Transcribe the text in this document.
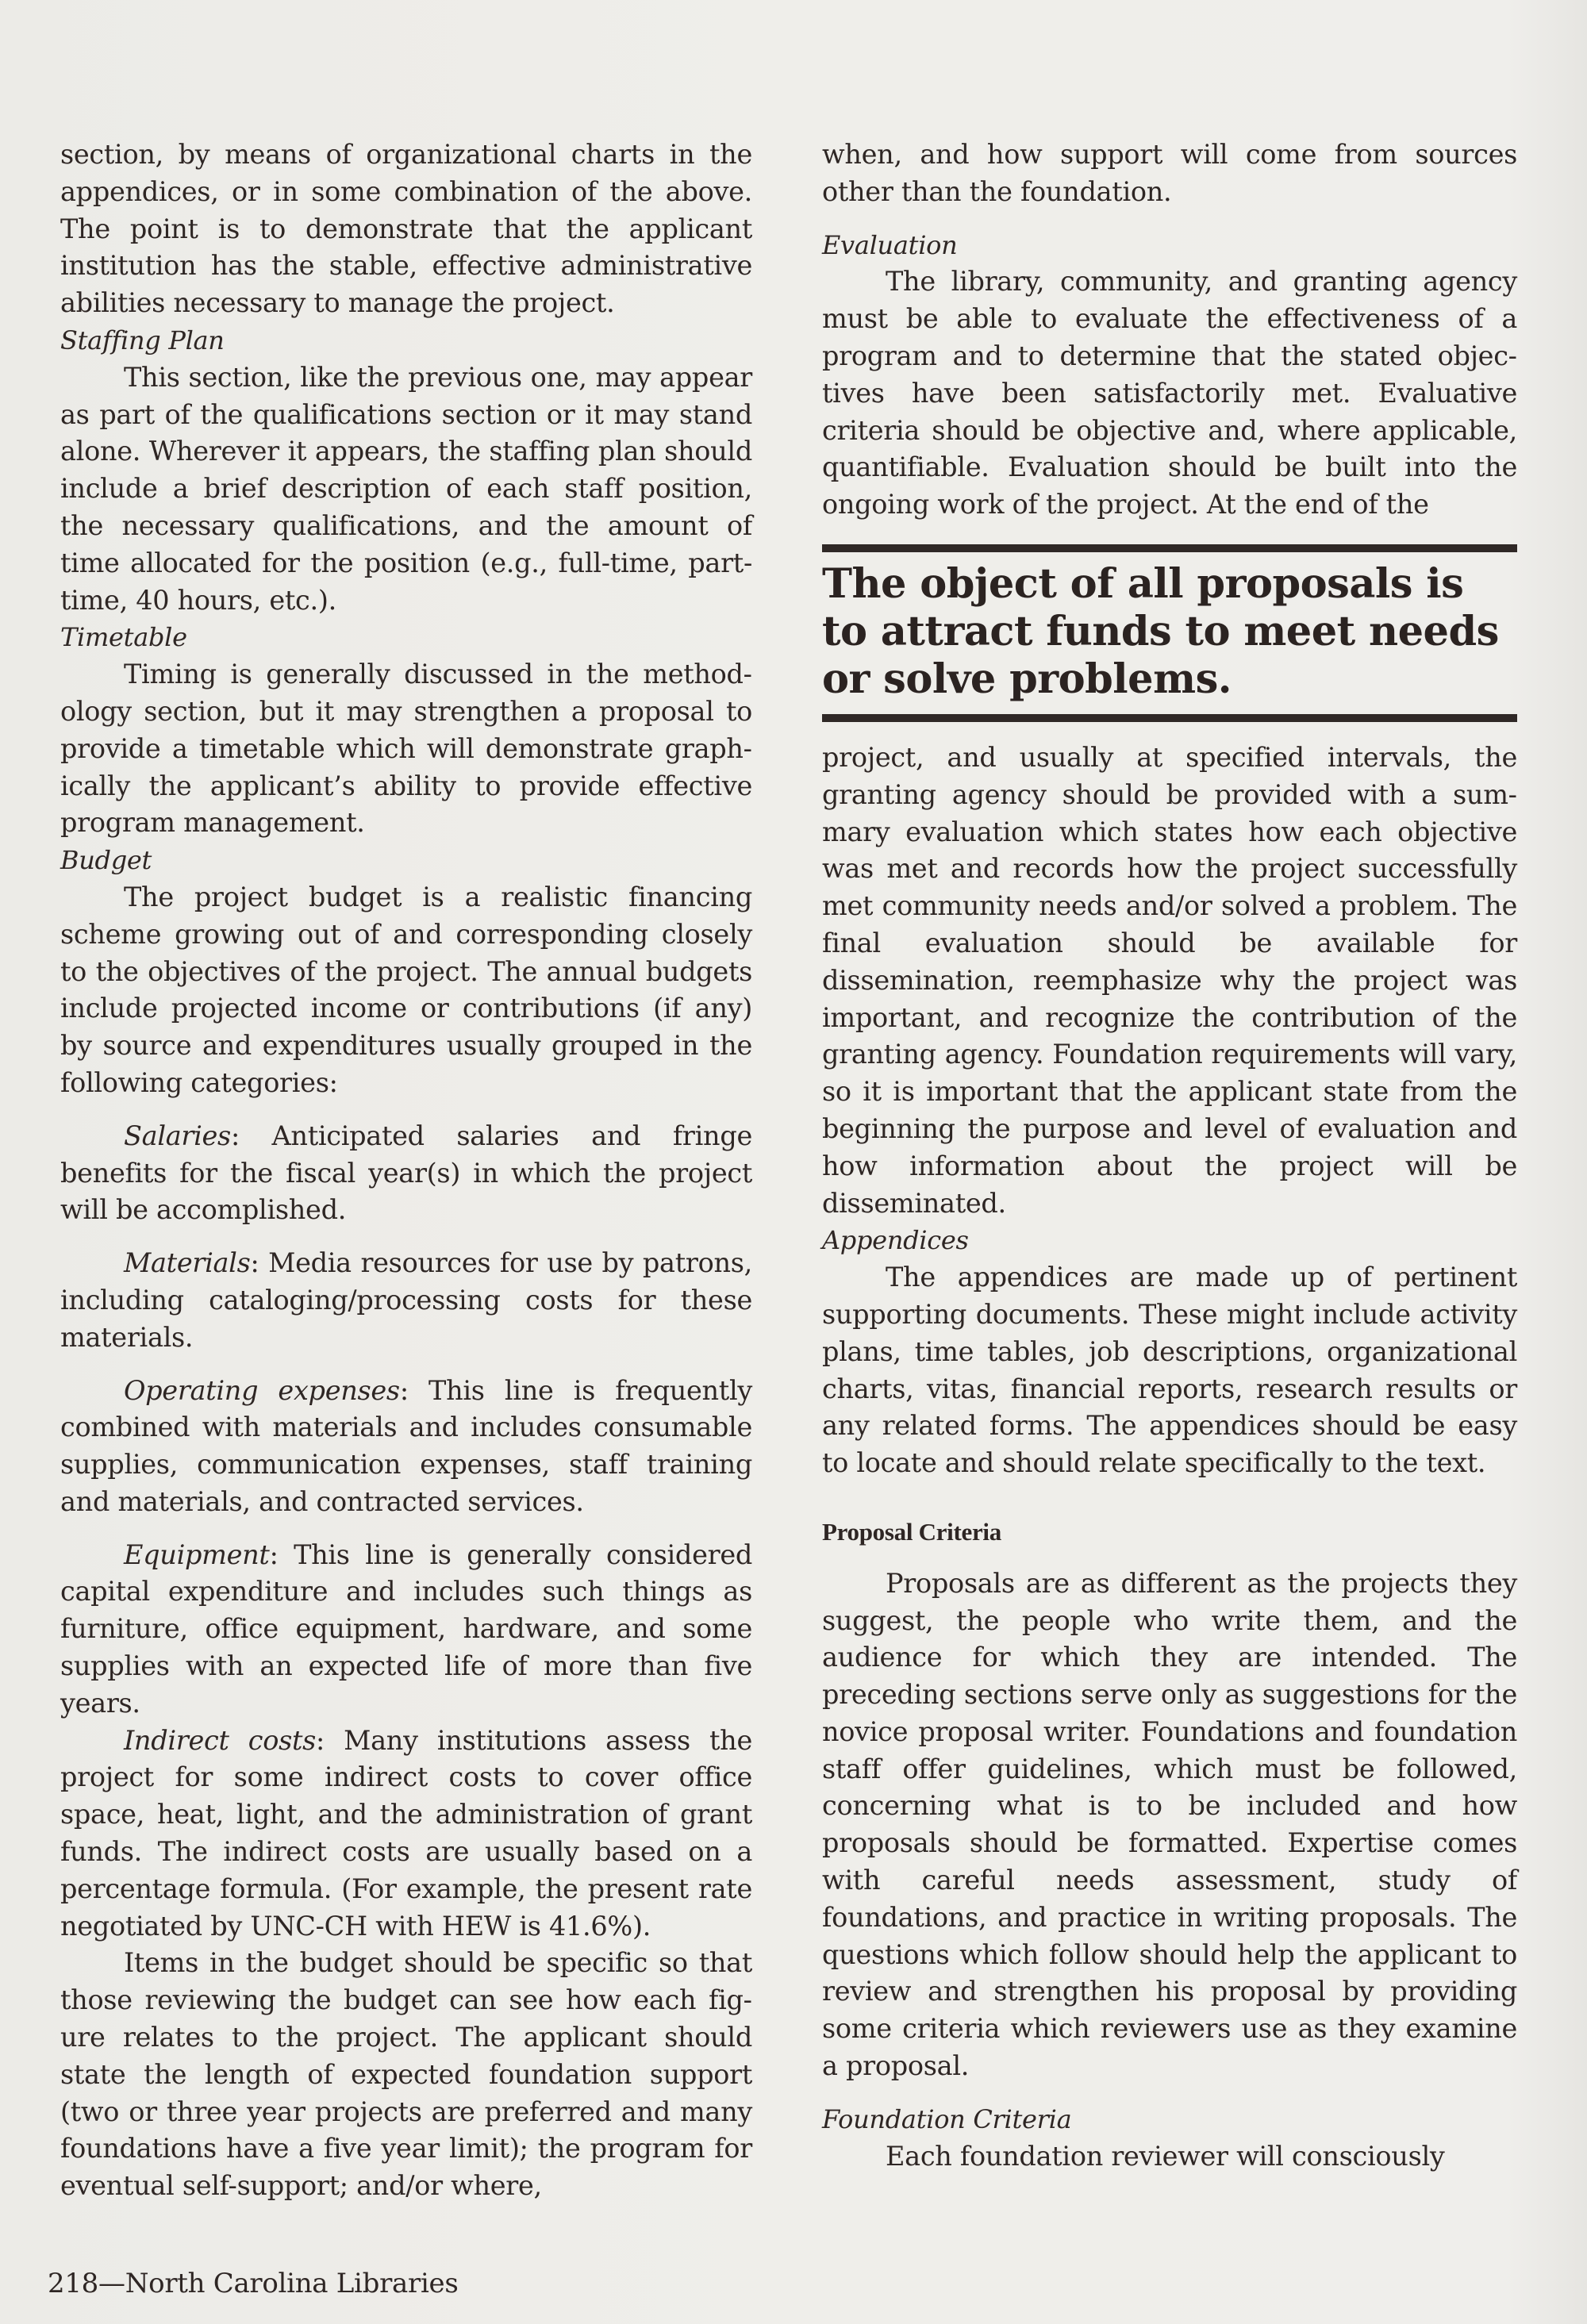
section, by means of organizational charts in the appendices, or in some combination of the above. The point is to demonstrate that the applicant institution has the stable, effective administrative abilities necessary to manage the project.

Staffing Plan

This section, like the previous one, may appear as part of the qualifications section or it may stand alone. Wherever it appears, the staffing plan should include a brief description of each staff position, the necessary qualifications, and the amount of time allocated for the position (e.g., full-time, part-time, 40 hours, etc.).

Timetable

Timing is generally discussed in the methodology section, but it may strengthen a proposal to provide a timetable which will demonstrate graphically the applicant’s ability to provide effective program management.

Budget

The project budget is a realistic financing scheme growing out of and corresponding closely to the objectives of the project. The annual budgets include projected income or contributions (if any) by source and expenditures usually grouped in the following categories:

Salaries: Anticipated salaries and fringe benefits for the fiscal year(s) in which the project will be accomplished.

Materials: Media resources for use by patrons, including cataloging/processing costs for these materials.

Operating expenses: This line is frequently combined with materials and includes consumable supplies, communication expenses, staff training and materials, and contracted services.

Equipment: This line is generally considered capital expenditure and includes such things as furniture, office equipment, hardware, and some supplies with an expected life of more than five years.

Indirect costs: Many institutions assess the project for some indirect costs to cover office space, heat, light, and the administration of grant funds. The indirect costs are usually based on a percentage formula. (For example, the present rate negotiated by UNC-CH with HEW is 41.6%).

Items in the budget should be specific so that those reviewing the budget can see how each figure relates to the project. The applicant should state the length of expected foundation support (two or three year projects are preferred and many foundations have a five year limit); the program for eventual self-support; and/or where,

when, and how support will come from sources other than the foundation.

Evaluation

The library, community, and granting agency must be able to evaluate the effectiveness of a program and to determine that the stated objectives have been satisfactorily met. Evaluative criteria should be objective and, where applicable, quantifiable. Evaluation should be built into the ongoing work of the project. At the end of the

The object of all proposals is to attract funds to meet needs or solve problems.

project, and usually at specified intervals, the granting agency should be provided with a summary evaluation which states how each objective was met and records how the project successfully met community needs and/or solved a problem. The final evaluation should be available for dissemination, reemphasize why the project was important, and recognize the contribution of the granting agency. Foundation requirements will vary, so it is important that the applicant state from the beginning the purpose and level of evaluation and how information about the project will be disseminated.

Appendices

The appendices are made up of pertinent supporting documents. These might include activity plans, time tables, job descriptions, organizational charts, vitas, financial reports, research results or any related forms. The appendices should be easy to locate and should relate specifically to the text.

Proposal Criteria

Proposals are as different as the projects they suggest, the people who write them, and the audience for which they are intended. The preceding sections serve only as suggestions for the novice proposal writer. Foundations and foundation staff offer guidelines, which must be followed, concerning what is to be included and how proposals should be formatted. Expertise comes with careful needs assessment, study of foundations, and practice in writing proposals. The questions which follow should help the applicant to review and strengthen his proposal by providing some criteria which reviewers use as they examine a proposal.

Foundation Criteria

Each foundation reviewer will consciously

218—North Carolina Libraries
